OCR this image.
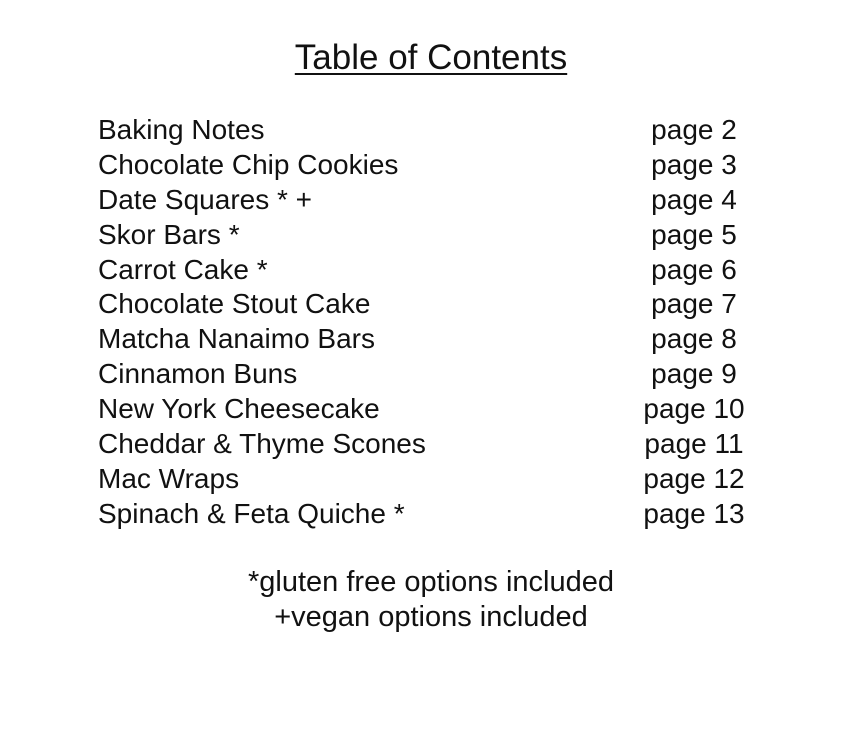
Table of Contents
Baking Notes	page 2
Chocolate Chip Cookies	page 3
Date Squares * +	page 4
Skor Bars *	page 5
Carrot Cake *	page 6
Chocolate Stout Cake	page 7
Matcha Nanaimo Bars	page 8
Cinnamon Buns	page 9
New York Cheesecake	page 10
Cheddar & Thyme Scones	page 11
Mac Wraps	page 12
Spinach & Feta Quiche *	page 13
*gluten free options included
+vegan options included
